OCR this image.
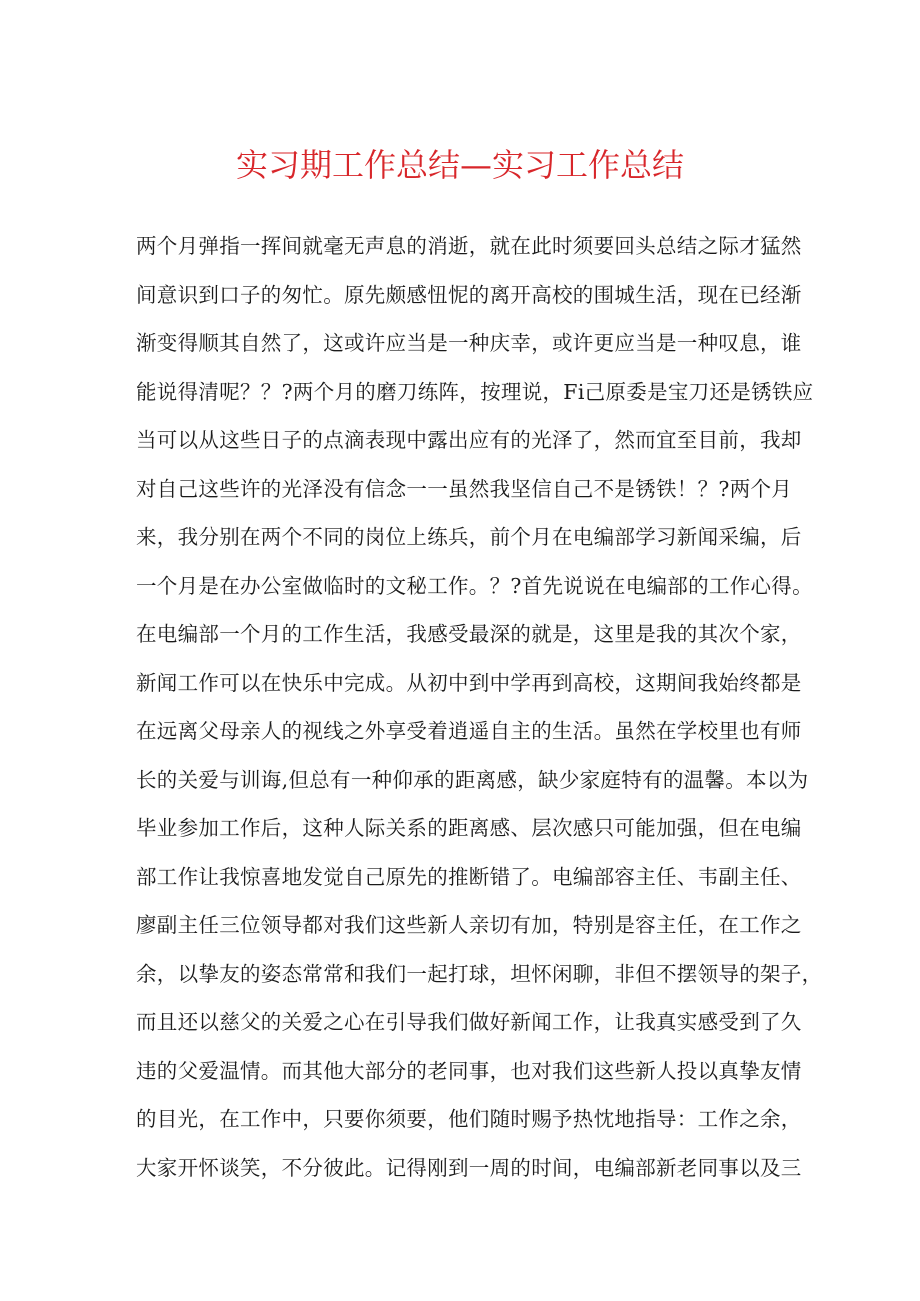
实习期工作总结—实习工作总结
两个月弹指一挥间就毫无声息的消逝，就在此时须要回头总结之际才猛然
间意识到口子的匆忙。原先颇感忸怩的离开高校的围城生活，现在已经渐
渐变得顺其自然了，这或许应当是一种庆幸，或许更应当是一种叹息，谁
能说得清呢？？?两个月的磨刀练阵，按理说，Fi己原委是宝刀还是锈铁应
当可以从这些日子的点滴表现中露出应有的光泽了，然而宜至目前，我却
对自己这些许的光泽没有信念一一虽然我坚信自己不是锈铁！？?两个月
来，我分别在两个不同的岗位上练兵，前个月在电编部学习新闻采编，后
一个月是在办公室做临时的文秘工作。？?首先说说在电编部的工作心得。
在电编部一个月的工作生活，我感受最深的就是，这里是我的其次个家，
新闻工作可以在快乐中完成。从初中到中学再到高校，这期间我始终都是
在远离父母亲人的视线之外享受着逍遥自主的生活。虽然在学校里也有师
长的关爱与训诲,但总有一种仰承的距离感，缺少家庭特有的温馨。本以为
毕业参加工作后，这种人际关系的距离感、层次感只可能加强，但在电编
部工作让我惊喜地发觉自己原先的推断错了。电编部容主任、韦副主任、
廖副主任三位领导都对我们这些新人亲切有加，特别是容主任，在工作之
余，以挚友的姿态常常和我们一起打球，坦怀闲聊，非但不摆领导的架子，
而且还以慈父的关爱之心在引导我们做好新闻工作，让我真实感受到了久
违的父爱温情。而其他大部分的老同事，也对我们这些新人投以真挚友情
的目光，在工作中，只要你须要，他们随时赐予热忱地指导：工作之余，
大家开怀谈笑，不分彼此。记得刚到一周的时间，电编部新老同事以及三
